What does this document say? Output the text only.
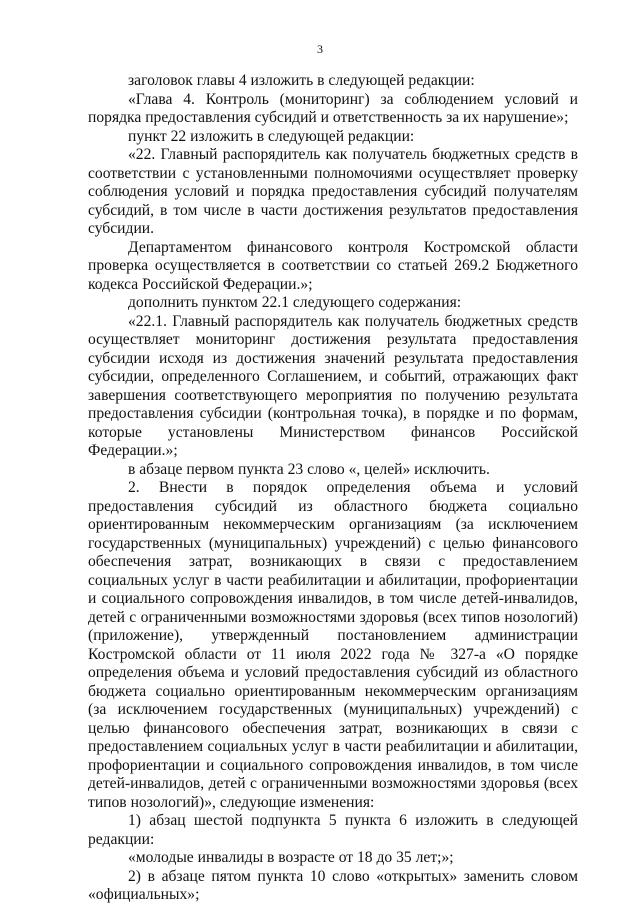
3

заголовок главы 4 изложить в следующей редакции:

«Глава 4. Контроль (мониторинг) за соблюдением условий и порядка предоставления субсидий и ответственность за их нарушение»;

пункт 22 изложить в следующей редакции:

«22. Главный распорядитель как получатель бюджетных средств в соответствии с установленными полномочиями осуществляет проверку соблюдения условий и порядка предоставления субсидий получателям субсидий, в том числе в части достижения результатов предоставления субсидии.

Департаментом финансового контроля Костромской области проверка осуществляется в соответствии со статьей 269.2 Бюджетного кодекса Российской Федерации.»;

дополнить пунктом 22.1 следующего содержания:

«22.1. Главный распорядитель как получатель бюджетных средств осуществляет мониторинг достижения результата предоставления субсидии исходя из достижения значений результата предоставления субсидии, определенного Соглашением, и событий, отражающих факт завершения соответствующего мероприятия по получению результата предоставления субсидии (контрольная точка), в порядке и по формам, которые установлены Министерством финансов Российской Федерации.»;

в абзаце первом пункта 23 слово «, целей» исключить.

2. Внести в порядок определения объема и условий предоставления субсидий из областного бюджета социально ориентированным некоммерческим организациям (за исключением государственных (муниципальных) учреждений) с целью финансового обеспечения затрат, возникающих в связи с предоставлением социальных услуг в части реабилитации и абилитации, профориентации и социального сопровождения инвалидов, в том числе детей-инвалидов, детей с ограниченными возможностями здоровья (всех типов нозологий) (приложение), утвержденный постановлением администрации Костромской области от 11 июля 2022 года № 327-а «О порядке определения объема и условий предоставления субсидий из областного бюджета социально ориентированным некоммерческим организациям (за исключением государственных (муниципальных) учреждений) с целью финансового обеспечения затрат, возникающих в связи с предоставлением социальных услуг в части реабилитации и абилитации, профориентации и социального сопровождения инвалидов, в том числе детей-инвалидов, детей с ограниченными возможностями здоровья (всех типов нозологий)», следующие изменения:

1) абзац шестой подпункта 5 пункта 6 изложить в следующей редакции:

«молодые инвалиды в возрасте от 18 до 35 лет;»;

2) в абзаце пятом пункта 10 слово «открытых» заменить словом «официальных»;
